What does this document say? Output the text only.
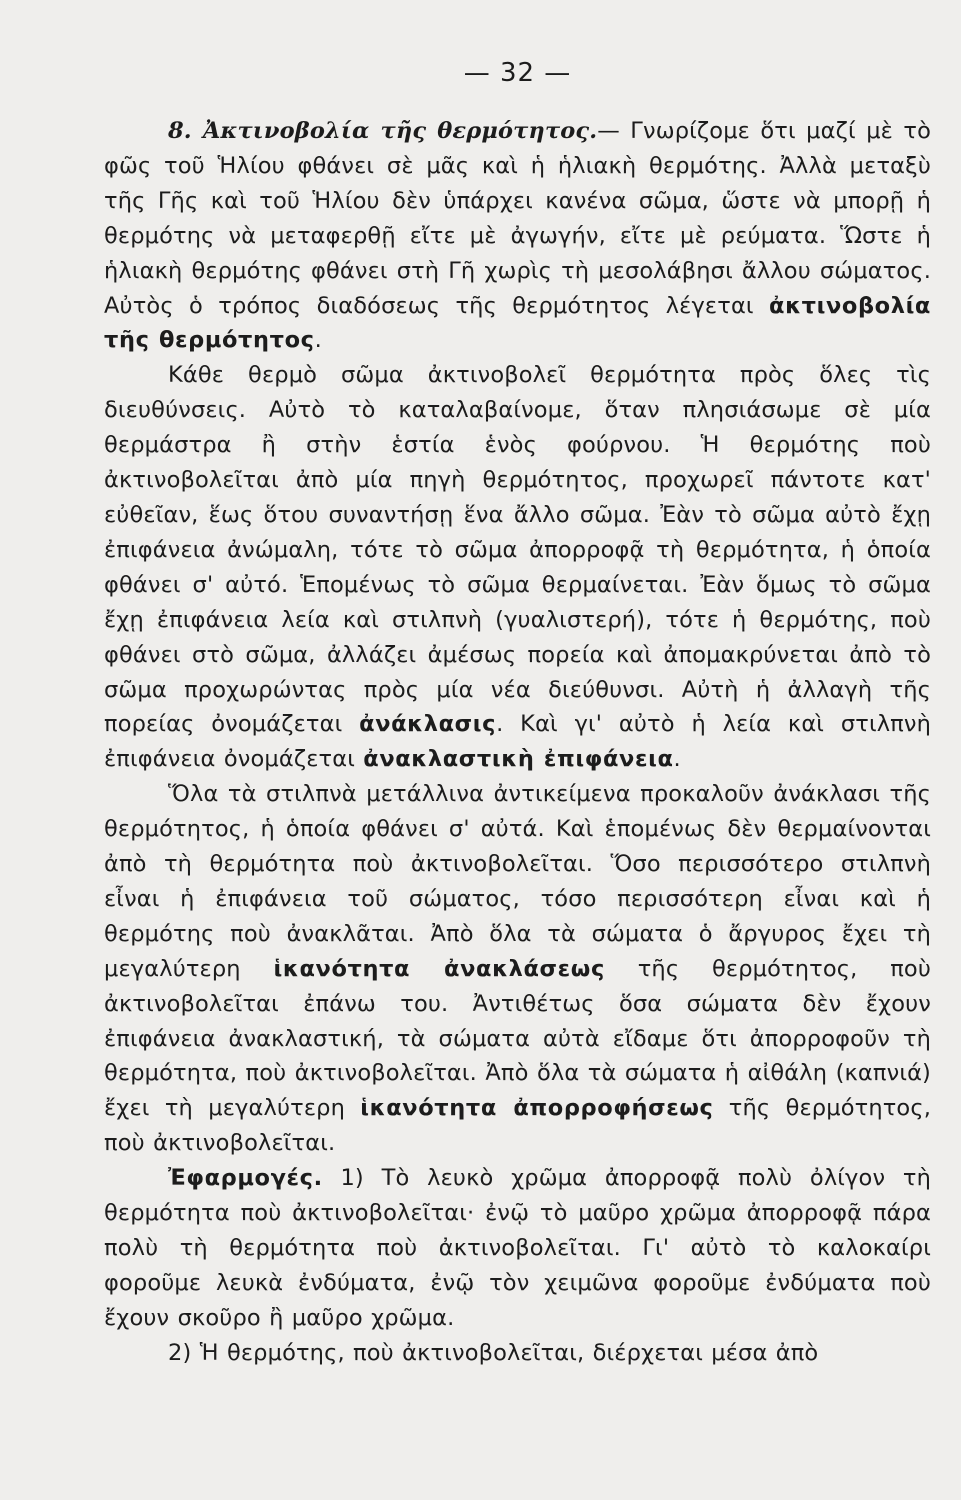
— 32 —

8. Ἀκτινοβολία τῆς θερμότητος.— Γνωρίζομε ὅτι μαζί μὲ τὸ φῶς τοῦ Ἡλίου φθάνει σὲ μᾶς καὶ ἡ ἡλιακὴ θερμότης. Ἀλλὰ μεταξὺ τῆς Γῆς καὶ τοῦ Ἡλίου δὲν ὑπάρχει κανένα σῶμα, ὥστε νὰ μπορῇ ἡ θερμότης νὰ μεταφερθῇ εἴτε μὲ ἀγωγήν, εἴτε μὲ ρεύματα. Ὥστε ἡ ἡλιακὴ θερμότης φθάνει στὴ Γῆ χωρὶς τὴ μεσολάβησι ἄλλου σώματος. Αὐτὸς ὁ τρόπος διαδόσεως τῆς θερμότητος λέγεται ἀκτινοβολία τῆς θερμότητος.

Κάθε θερμὸ σῶμα ἀκτινοβολεῖ θερμότητα πρὸς ὅλες τὶς διευθύνσεις. Αὐτὸ τὸ καταλαβαίνομε, ὅταν πλησιάσωμε σὲ μία θερμάστρα ἢ στὴν ἑστία ἑνὸς φούρνου. Ἡ θερμότης ποὺ ἀκτινοβολεῖται ἀπὸ μία πηγὴ θερμότητος, προχωρεῖ πάντοτε κατ' εὐθεῖαν, ἕως ὅτου συναντήσῃ ἕνα ἄλλο σῶμα. Ἐὰν τὸ σῶμα αὐτὸ ἔχῃ ἐπιφάνεια ἀνώμαλη, τότε τὸ σῶμα ἀπορροφᾷ τὴ θερμότητα, ἡ ὁποία φθάνει σ' αὐτό. Ἑπομένως τὸ σῶμα θερμαίνεται. Ἐὰν ὅμως τὸ σῶμα ἔχῃ ἐπιφάνεια λεία καὶ στιλπνὴ (γυαλιστερή), τότε ἡ θερμότης, ποὺ φθάνει στὸ σῶμα, ἀλλάζει ἀμέσως πορεία καὶ ἀπομακρύνεται ἀπὸ τὸ σῶμα προχωρώντας πρὸς μία νέα διεύθυνσι. Αὐτὴ ἡ ἀλλαγὴ τῆς πορείας ὀνομάζεται ἀνάκλασις. Καὶ γι' αὐτὸ ἡ λεία καὶ στιλπνὴ ἐπιφάνεια ὀνομάζεται ἀνακλαστικὴ ἐπιφάνεια.

Ὅλα τὰ στιλπνὰ μετάλλινα ἀντικείμενα προκαλοῦν ἀνάκλασι τῆς θερμότητος, ἡ ὁποία φθάνει σ' αὐτά. Καὶ ἑπομένως δὲν θερμαίνονται ἀπὸ τὴ θερμότητα ποὺ ἀκτινοβολεῖται. Ὅσο περισσότερο στιλπνὴ εἶναι ἡ ἐπιφάνεια τοῦ σώματος, τόσο περισσότερη εἶναι καὶ ἡ θερμότης ποὺ ἀνακλᾶται. Ἀπὸ ὅλα τὰ σώματα ὁ ἄργυρος ἔχει τὴ μεγαλύτερη ἱκανότητα ἀνακλάσεως τῆς θερμότητος, ποὺ ἀκτινοβολεῖται ἐπάνω του. Ἀντιθέτως ὅσα σώματα δὲν ἔχουν ἐπιφάνεια ἀνακλαστική, τὰ σώματα αὐτὰ εἴδαμε ὅτι ἀπορροφοῦν τὴ θερμότητα, ποὺ ἀκτινοβολεῖται. Ἀπὸ ὅλα τὰ σώματα ἡ αἰθάλη (καπνιά) ἔχει τὴ μεγαλύτερη ἱκανότητα ἀπορροφήσεως τῆς θερμότητος, ποὺ ἀκτινοβολεῖται.

Ἐφαρμογές. 1) Τὸ λευκὸ χρῶμα ἀπορροφᾷ πολὺ ὀλίγον τὴ θερμότητα ποὺ ἀκτινοβολεῖται· ἐνῷ τὸ μαῦρο χρῶμα ἀπορροφᾷ πάρα πολὺ τὴ θερμότητα ποὺ ἀκτινοβολεῖται. Γι' αὐτὸ τὸ καλοκαίρι φοροῦμε λευκὰ ἐνδύματα, ἐνῷ τὸν χειμῶνα φοροῦμε ἐνδύματα ποὺ ἔχουν σκοῦρο ἢ μαῦρο χρῶμα.

2) Ἡ θερμότης, ποὺ ἀκτινοβολεῖται, διέρχεται μέσα ἀπὸ
